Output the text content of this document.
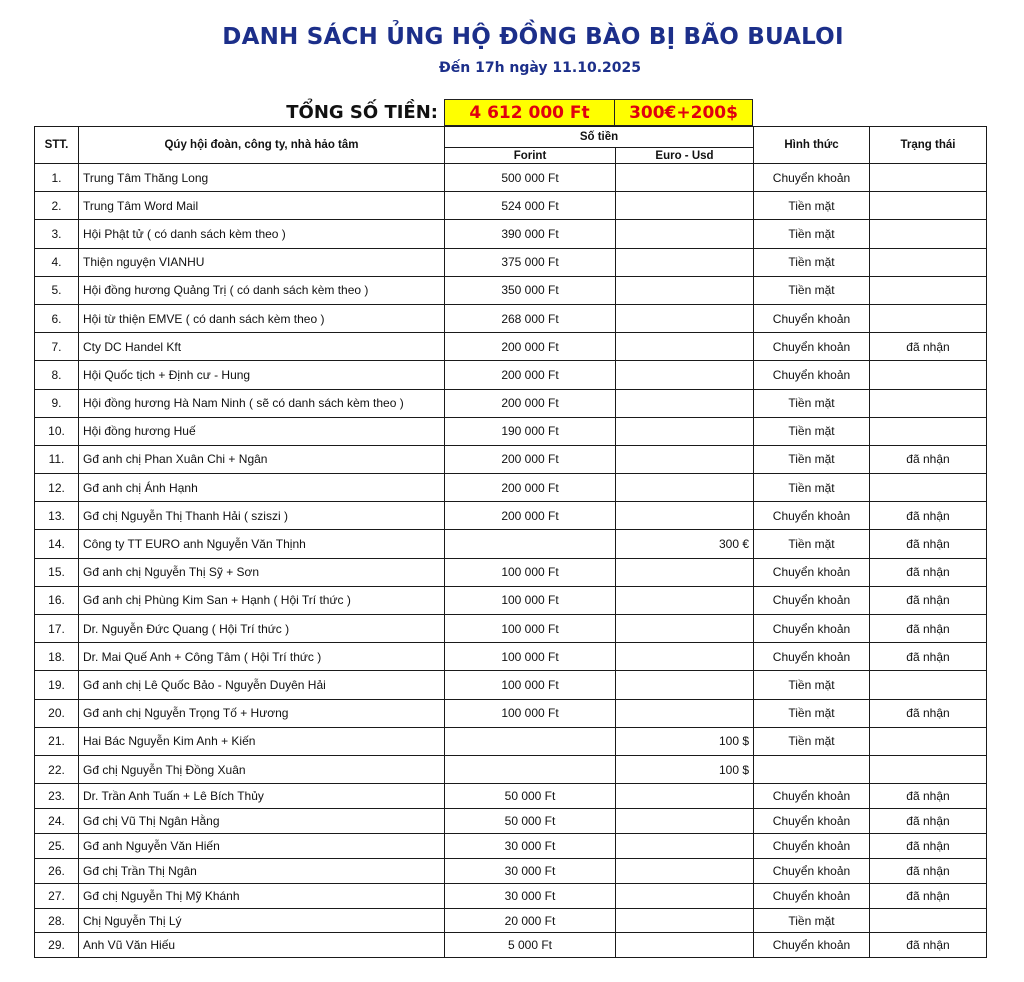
DANH SÁCH ỦNG HỘ ĐỒNG BÀO BỊ BÃO BUALOI
Đến 17h ngày 11.10.2025
TỔNG SỐ TIỀN:	4 612 000 Ft	300€+200$
STT.	Qúy hội đoàn, công ty, nhà hảo tâm	Số tiền		Hình thức	Trạng thái
		Forint	Euro - Usd		
1.	Trung Tâm Thăng Long	500 000 Ft		Chuyển khoản	
2.	Trung Tâm Word Mail	524 000 Ft		Tiền mặt	
3.	Hội Phật tử ( có danh sách kèm theo )	390 000 Ft		Tiền mặt	
4.	Thiện nguyện VIANHU	375 000 Ft		Tiền mặt	
5.	Hội đồng hương Quảng Trị ( có danh sách kèm theo )	350 000 Ft		Tiền mặt	
6.	Hội từ thiện EMVE ( có danh sách kèm theo )	268 000 Ft		Chuyển khoản	
7.	Cty DC Handel Kft	200 000 Ft		Chuyển khoản	đã nhận
8.	Hội Quốc tịch + Định cư - Hung	200 000 Ft		Chuyển khoản	
9.	Hội đồng hương Hà Nam Ninh ( sẽ có danh sách kèm theo )	200 000 Ft		Tiền mặt	
10.	Hội đồng hương Huế	190 000 Ft		Tiền mặt	
11.	Gđ anh chị Phan Xuân Chi + Ngân	200 000 Ft		Tiền mặt	đã nhận
12.	Gđ anh chị Ánh Hạnh	200 000 Ft		Tiền mặt	
13.	Gđ chị Nguyễn Thị Thanh Hải ( sziszi )	200 000 Ft		Chuyển khoản	đã nhận
14.	Công ty TT EURO anh Nguyễn Văn Thịnh		300 €	Tiền mặt	đã nhận
15.	Gđ anh chị Nguyễn Thị Sỹ + Sơn	100 000 Ft		Chuyển khoản	đã nhận
16.	Gđ anh chị Phùng Kim San + Hạnh ( Hội Trí thức )	100 000 Ft		Chuyển khoản	đã nhận
17.	Dr. Nguyễn Đức Quang ( Hội Trí thức )	100 000 Ft		Chuyển khoản	đã nhận
18.	Dr. Mai Quế Anh + Công Tâm ( Hội Trí thức )	100 000 Ft		Chuyển khoản	đã nhận
19.	Gđ anh chị Lê Quốc Bảo - Nguyễn Duyên Hải	100 000 Ft		Tiền mặt	
20.	Gđ anh chị Nguyễn Trọng Tố + Hương	100 000 Ft		Tiền mặt	đã nhận
21.	Hai Bác Nguyễn Kim Anh + Kiến		100 $	Tiền mặt	
22.	Gđ chị Nguyễn Thị Đồng Xuân		100 $		
23.	Dr. Trần Anh Tuấn + Lê Bích Thủy	50 000 Ft		Chuyển khoản	đã nhận
24.	Gđ chị Vũ Thị Ngân Hằng	50 000 Ft		Chuyển khoản	đã nhận
25.	Gđ anh Nguyễn Văn Hiến	30 000 Ft		Chuyển khoản	đã nhận
26.	Gđ chị Trần Thị Ngân	30 000 Ft		Chuyển khoản	đã nhận
27.	Gđ chị Nguyễn Thị Mỹ Khánh	30 000 Ft		Chuyển khoản	đã nhận
28.	Chị Nguyễn Thị Lý	20 000 Ft		Tiền mặt	
29.	Anh Vũ Văn Hiếu	5 000 Ft		Chuyển khoản	đã nhận
